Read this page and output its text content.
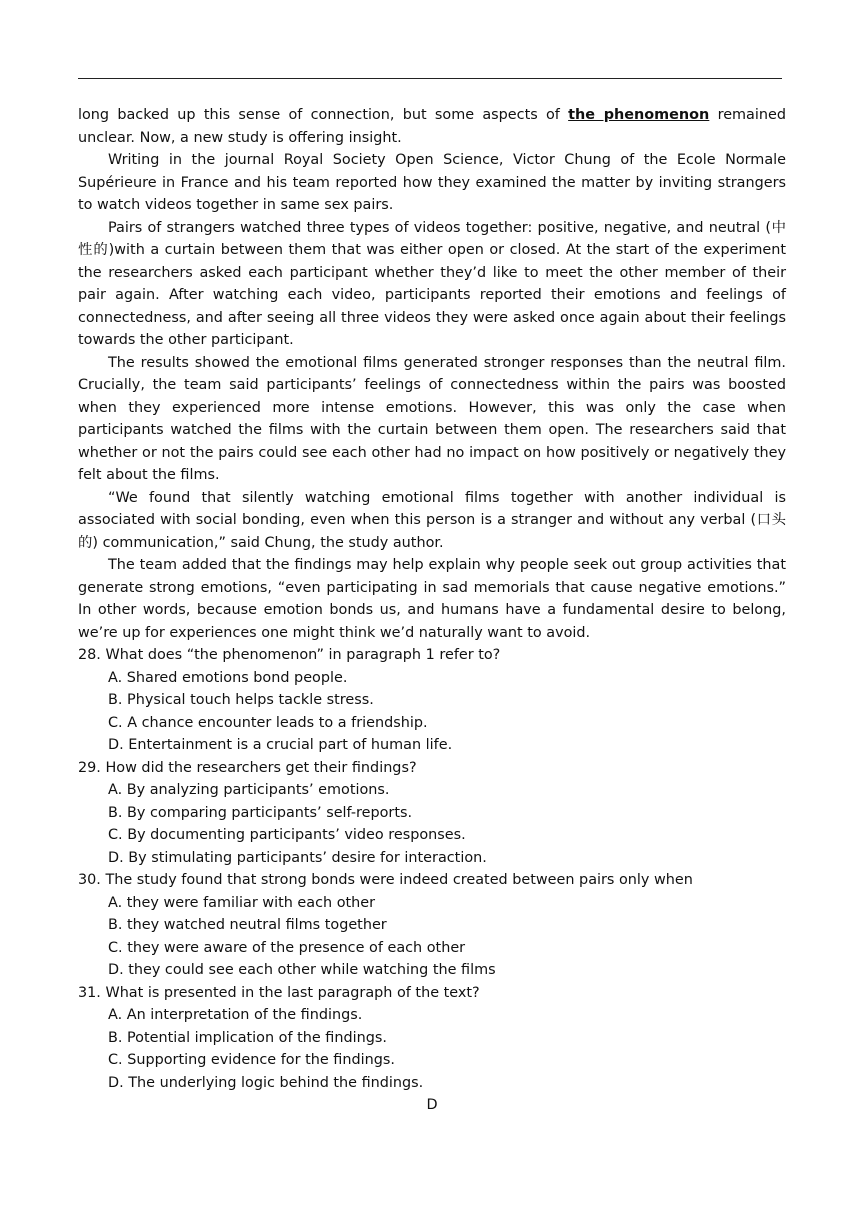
long backed up this sense of connection, but some aspects of the phenomenon remained unclear. Now, a new study is offering insight.

Writing in the journal Royal Society Open Science, Victor Chung of the Ecole Normale Supérieure in France and his team reported how they examined the matter by inviting strangers to watch videos together in same sex pairs.

Pairs of strangers watched three types of videos together: positive, negative, and neutral (中性的)with a curtain between them that was either open or closed. At the start of the experiment the researchers asked each participant whether they’d like to meet the other member of their pair again. After watching each video, participants reported their emotions and feelings of connectedness, and after seeing all three videos they were asked once again about their feelings towards the other participant.

The results showed the emotional films generated stronger responses than the neutral film. Crucially, the team said participants’ feelings of connectedness within the pairs was boosted when they experienced more intense emotions. However, this was only the case when participants watched the films with the curtain between them open. The researchers said that whether or not the pairs could see each other had no impact on how positively or negatively they felt about the films.

“We found that silently watching emotional films together with another individual is associated with social bonding, even when this person is a stranger and without any verbal (口头的) communication,” said Chung, the study author.

The team added that the findings may help explain why people seek out group activities that generate strong emotions, “even participating in sad memorials that cause negative emotions.” In other words, because emotion bonds us, and humans have a fundamental desire to belong, we’re up for experiences one might think we’d naturally want to avoid.

28. What does “the phenomenon” in paragraph 1 refer to?

A. Shared emotions bond people.

B. Physical touch helps tackle stress.

C. A chance encounter leads to a friendship.

D. Entertainment is a crucial part of human life.

29. How did the researchers get their findings?

A. By analyzing participants’ emotions.

B. By comparing participants’ self-reports.

C. By documenting participants’ video responses.

D. By stimulating participants’ desire for interaction.

30. The study found that strong bonds were indeed created between pairs only when

A. they were familiar with each other

B. they watched neutral films together

C. they were aware of the presence of each other

D. they could see each other while watching the films

31. What is presented in the last paragraph of the text?

A. An interpretation of the findings.

B. Potential implication of the findings.

C. Supporting evidence for the findings.

D. The underlying logic behind the findings.

D
